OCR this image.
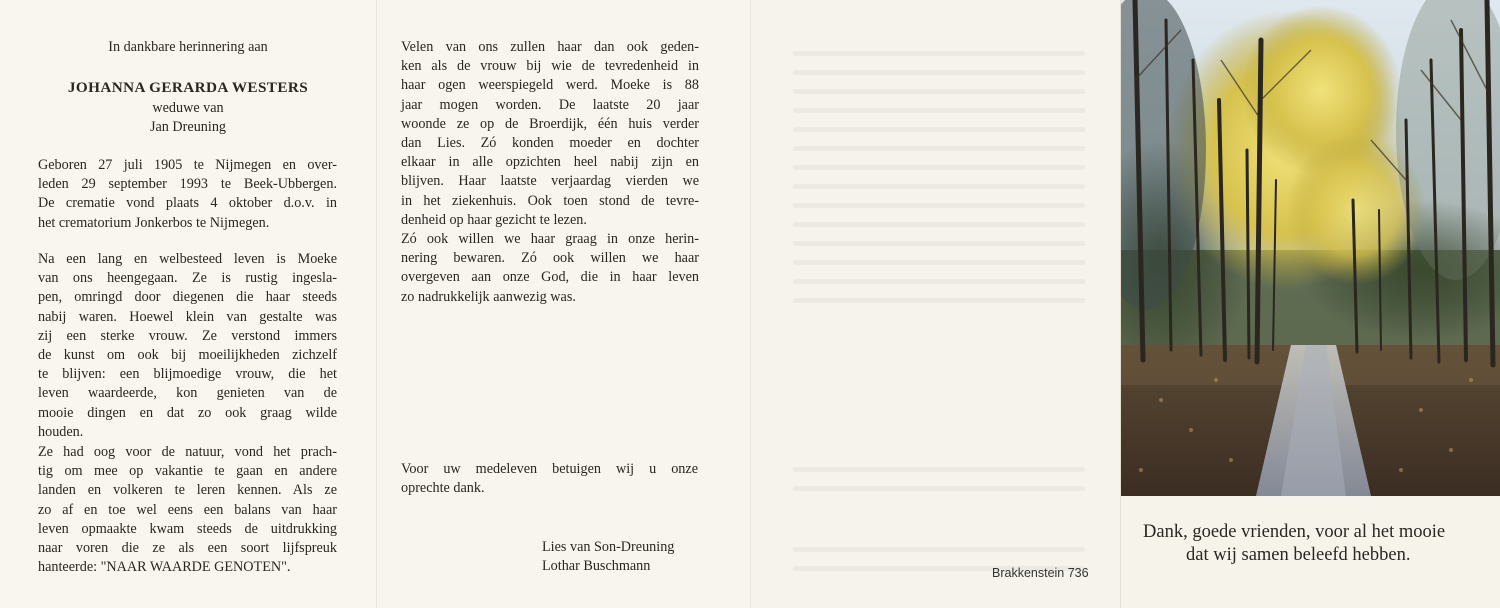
In dankbare herinnering aan
JOHANNA GERARDA WESTERS
weduwe van
Jan Dreuning
Geboren 27 juli 1905 te Nijmegen en over-
leden 29 september 1993 te Beek-Ubbergen.
De crematie vond plaats 4 oktober d.o.v. in
het crematorium Jonkerbos te Nijmegen.
Na een lang en welbesteed leven is Moeke
van ons heengegaan. Ze is rustig ingesla-
pen, omringd door diegenen die haar steeds
nabij waren. Hoewel klein van gestalte was
zij een sterke vrouw. Ze verstond immers
de kunst om ook bij moeilijkheden zichzelf
te blijven: een blijmoedige vrouw, die het
leven waardeerde, kon genieten van de
mooie dingen en dat zo ook graag wilde
houden.
Ze had oog voor de natuur, vond het prach-
tig om mee op vakantie te gaan en andere
landen en volkeren te leren kennen. Als ze
zo af en toe wel eens een balans van haar
leven opmaakte kwam steeds de uitdrukking
naar voren die ze als een soort lijfspreuk
hanteerde: "NAAR WAARDE GENOTEN".
Velen van ons zullen haar dan ook geden-
ken als de vrouw bij wie de tevredenheid in
haar ogen weerspiegeld werd. Moeke is 88
jaar mogen worden. De laatste 20 jaar
woonde ze op de Broerdijk, één huis verder
dan Lies. Zó konden moeder en dochter
elkaar in alle opzichten heel nabij zijn en
blijven. Haar laatste verjaardag vierden we
in het ziekenhuis. Ook toen stond de tevre-
denheid op haar gezicht te lezen.
Zó ook willen we haar graag in onze herin-
nering bewaren. Zó ook willen we haar
overgeven aan onze God, die in haar leven
zo nadrukkelijk aanwezig was.
Voor uw medeleven betuigen wij u onze
oprechte dank.
Lies van Son-Dreuning
Lothar Buschmann	Brakkenstein 736
Dank, goede vrienden, voor al het mooie
dat wij samen beleefd hebben.
